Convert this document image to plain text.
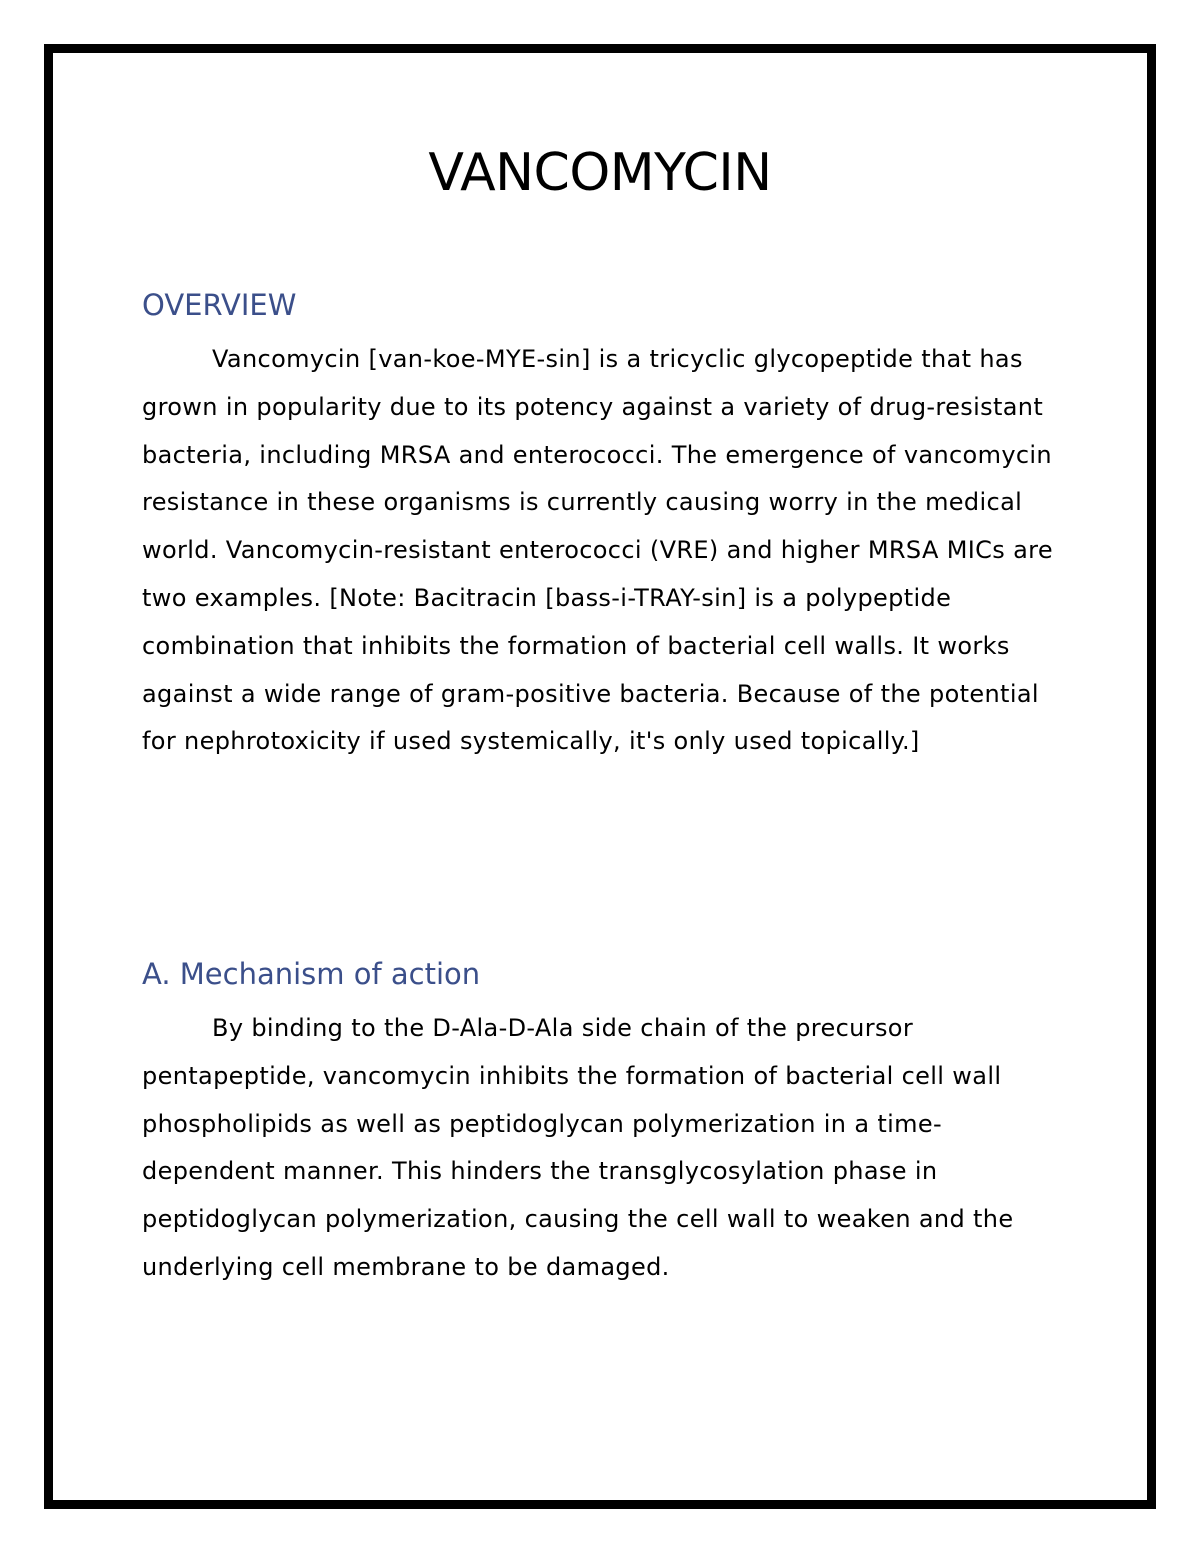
VANCOMYCIN
OVERVIEW

Vancomycin [van-koe-MYE-sin] is a tricyclic glycopeptide that has grown in popularity due to its potency against a variety of drug-resistant bacteria, including MRSA and enterococci. The emergence of vancomycin resistance in these organisms is currently causing worry in the medical world. Vancomycin-resistant enterococci (VRE) and higher MRSA MICs are two examples. [Note: Bacitracin [bass-i-TRAY-sin] is a polypeptide combination that inhibits the formation of bacterial cell walls. It works against a wide range of gram-positive bacteria. Because of the potential for nephrotoxicity if used systemically, it's only used topically.]

A. Mechanism of action

By binding to the D-Ala-D-Ala side chain of the precursor pentapeptide, vancomycin inhibits the formation of bacterial cell wall phospholipids as well as peptidoglycan polymerization in a time-dependent manner. This hinders the transglycosylation phase in peptidoglycan polymerization, causing the cell wall to weaken and the underlying cell membrane to be damaged.
